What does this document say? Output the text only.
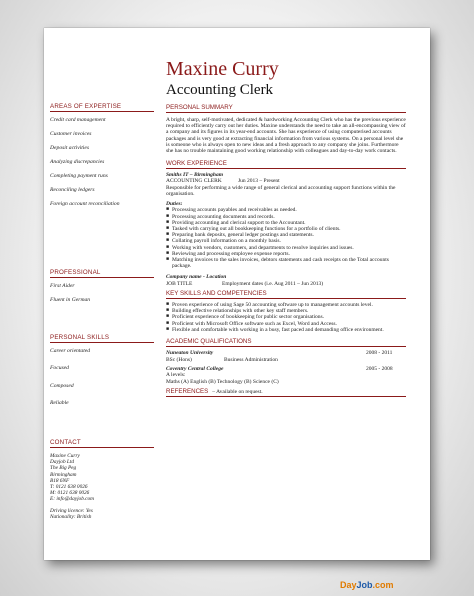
Maxine Curry
Accounting Clerk
AREAS OF EXPERTISE
Credit card management
Customer invoices
Deposit activities
Analyzing discrepancies
Completing payment runs
Reconciling ledgers
Foreign account reconciliation
PROFESSIONAL
First Aider
Fluent in German
PERSONAL SKILLS
Career orientated
Focused
Composed
Reliable
CONTACT
Maxine Curry
Dayjob Ltd
The Big Peg
Birmingham
B18 6NF
T: 0121 638 0026
M: 0121 638 0026
E: info@dayjob.com
Driving licence: Yes
Nationality: British
PERSONAL SUMMARY
A bright, sharp, self-motivated, dedicated & hardworking Accounting Clerk who has the previous experience required to efficiently carry out her duties. Maxine understands the need to take an all-encompassing view of a company and its figures in its year-end accounts. She has experience of using computerised accounts packages and is very good at extracting financial information from various systems. On a personal level she is someone who is always open to new ideas and a fresh approach to any company she joins. Furthermore she has no trouble maintaining good working relationship with colleagues and day-to-day work contacts.
WORK EXPERIENCE
Smiths IT – Birmingham
ACCOUNTING CLERK	Jun 2013 – Present
Responsible for performing a wide range of general clerical and accounting support functions within the organisation.
Duties:
■ Processing accounts payables and receivables as needed.
■ Processing accounting documents and records.
■ Providing accounting and clerical support to the Accountant.
■ Tasked with carrying out all bookkeeping functions for a portfolio of clients.
■ Preparing bank deposits, general ledger postings and statements.
■ Collating payroll information on a monthly basis.
■ Working with vendors, customers, and departments to resolve inquiries and issues.
■ Reviewing and processing employee expense reports.
■ Matching invoices to the sales invoices, debtors statements and cash receipts on the Total accounts package.
Company name - Location
JOB TITLE	Employment dates (i.e. Aug 2011 – Jun 2013)
KEY SKILLS AND COMPETENCIES
■ Proven experience of using Sage 50 accounting software up to management accounts level.
■ Building effective relationships with other key staff members.
■ Proficient experience of bookkeeping for public sector organisations.
■ Proficient with Microsoft Office software such as Excel, Word and Access.
■ Flexible and comfortable with working in a busy, fast paced and demanding office environment.
ACADEMIC QUALIFICATIONS
Nuneaton University	2008 - 2011
BSc (Hons)	Business Administration
Coventry Central College	2005 - 2008
A levels:
Maths (A) English (B) Technology (B) Science (C)
REFERENCES – Available on request.
DayJob.com
